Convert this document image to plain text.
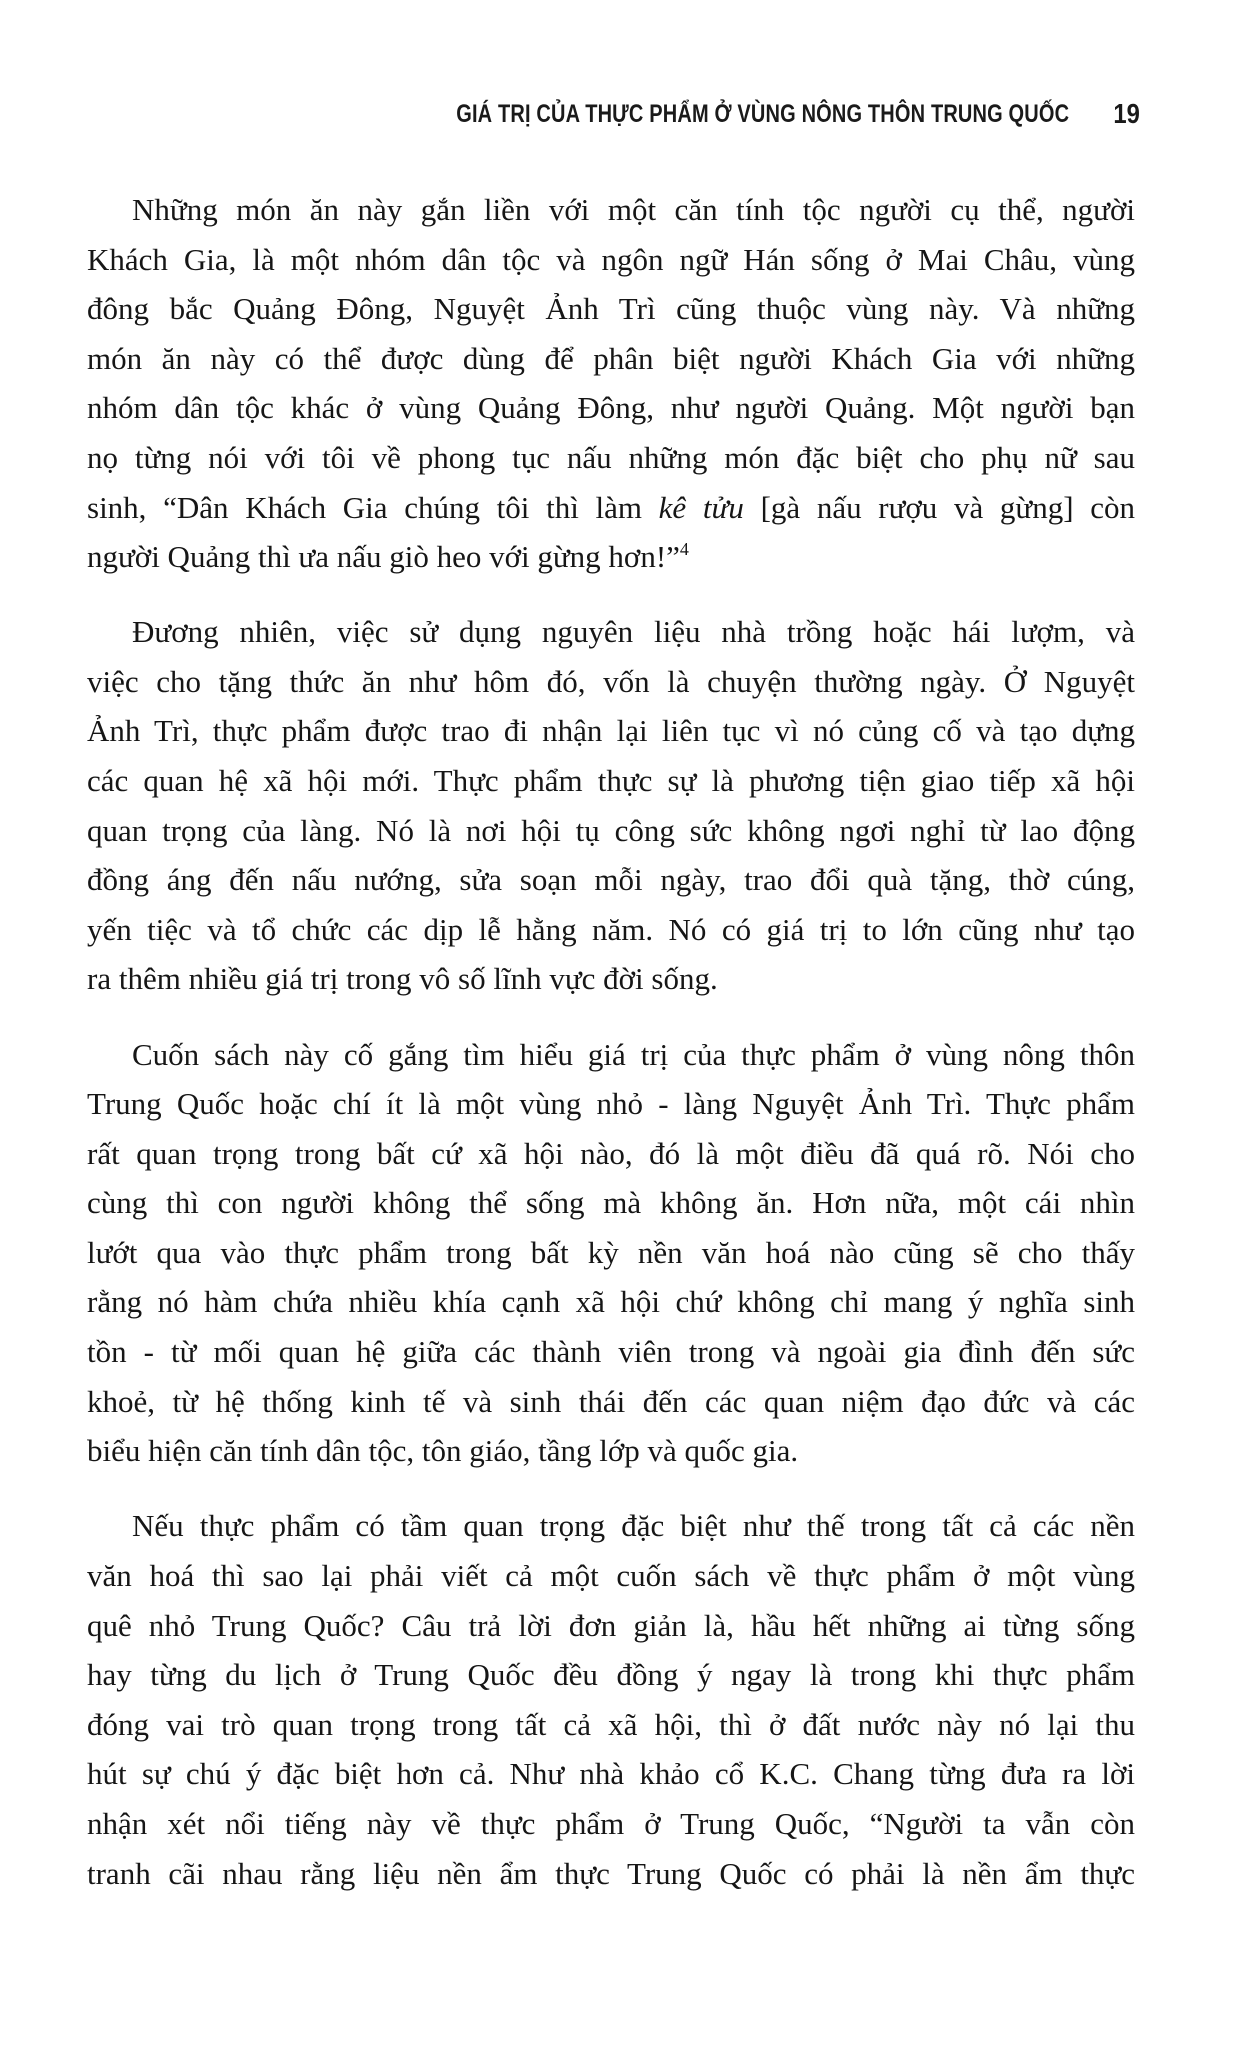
GIÁ TRỊ CỦA THỰC PHẨM Ở VÙNG NÔNG THÔN TRUNG QUỐC 19
Những món ăn này gắn liền với một căn tính tộc người cụ thể, người
Khách Gia, là một nhóm dân tộc và ngôn ngữ Hán sống ở Mai Châu, vùng
đông bắc Quảng Đông, Nguyệt Ảnh Trì cũng thuộc vùng này. Và những
món ăn này có thể được dùng để phân biệt người Khách Gia với những
nhóm dân tộc khác ở vùng Quảng Đông, như người Quảng. Một người bạn
nọ từng nói với tôi về phong tục nấu những món đặc biệt cho phụ nữ sau
sinh, “Dân Khách Gia chúng tôi thì làm kê tửu [gà nấu rượu và gừng] còn
người Quảng thì ưa nấu giò heo với gừng hơn!”$^4$
Đương nhiên, việc sử dụng nguyên liệu nhà trồng hoặc hái lượm, và
việc cho tặng thức ăn như hôm đó, vốn là chuyện thường ngày. Ở Nguyệt
Ảnh Trì, thực phẩm được trao đi nhận lại liên tục vì nó củng cố và tạo dựng
các quan hệ xã hội mới. Thực phẩm thực sự là phương tiện giao tiếp xã hội
quan trọng của làng. Nó là nơi hội tụ công sức không ngơi nghỉ từ lao động
đồng áng đến nấu nướng, sửa soạn mỗi ngày, trao đổi quà tặng, thờ cúng,
yến tiệc và tổ chức các dịp lễ hằng năm. Nó có giá trị to lớn cũng như tạo
ra thêm nhiều giá trị trong vô số lĩnh vực đời sống.
Cuốn sách này cố gắng tìm hiểu giá trị của thực phẩm ở vùng nông thôn
Trung Quốc hoặc chí ít là một vùng nhỏ - làng Nguyệt Ảnh Trì. Thực phẩm
rất quan trọng trong bất cứ xã hội nào, đó là một điều đã quá rõ. Nói cho
cùng thì con người không thể sống mà không ăn. Hơn nữa, một cái nhìn
lướt qua vào thực phẩm trong bất kỳ nền văn hoá nào cũng sẽ cho thấy
rằng nó hàm chứa nhiều khía cạnh xã hội chứ không chỉ mang ý nghĩa sinh
tồn - từ mối quan hệ giữa các thành viên trong và ngoài gia đình đến sức
khoẻ, từ hệ thống kinh tế và sinh thái đến các quan niệm đạo đức và các
biểu hiện căn tính dân tộc, tôn giáo, tầng lớp và quốc gia.
Nếu thực phẩm có tầm quan trọng đặc biệt như thế trong tất cả các nền
văn hoá thì sao lại phải viết cả một cuốn sách về thực phẩm ở một vùng
quê nhỏ Trung Quốc? Câu trả lời đơn giản là, hầu hết những ai từng sống
hay từng du lịch ở Trung Quốc đều đồng ý ngay là trong khi thực phẩm
đóng vai trò quan trọng trong tất cả xã hội, thì ở đất nước này nó lại thu
hút sự chú ý đặc biệt hơn cả. Như nhà khảo cổ K.C. Chang từng đưa ra lời
nhận xét nổi tiếng này về thực phẩm ở Trung Quốc, “Người ta vẫn còn
tranh cãi nhau rằng liệu nền ẩm thực Trung Quốc có phải là nền ẩm thực
